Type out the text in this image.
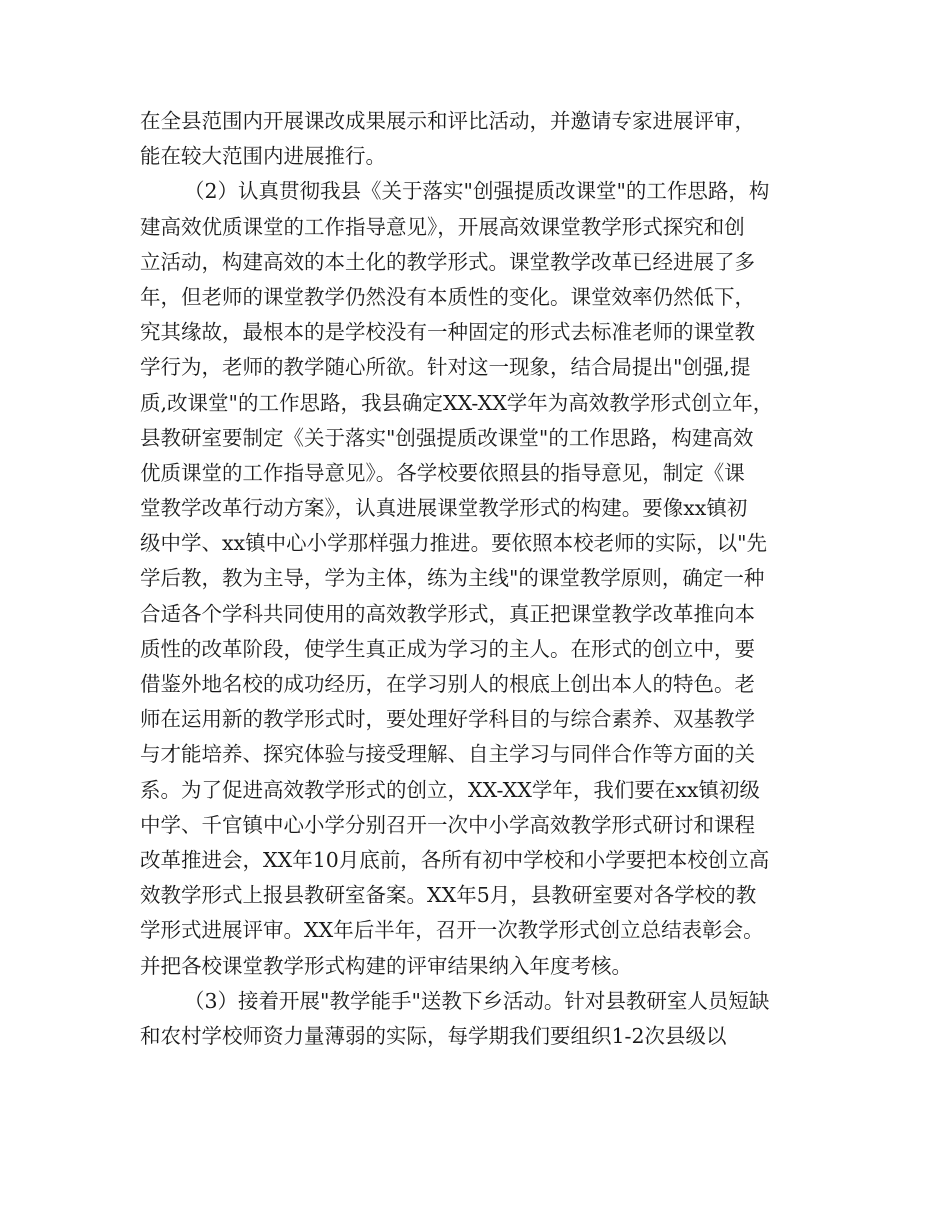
在全县范围内开展课改成果展示和评比活动，并邀请专家进展评审，
能在较大范围内进展推行。
（2）认真贯彻我县《关于落实"创强提质改课堂"的工作思路，构
建高效优质课堂的工作指导意见》，开展高效课堂教学形式探究和创
立活动，构建高效的本土化的教学形式。课堂教学改革已经进展了多
年，但老师的课堂教学仍然没有本质性的变化。课堂效率仍然低下，
究其缘故，最根本的是学校没有一种固定的形式去标准老师的课堂教
学行为，老师的教学随心所欲。针对这一现象，结合局提出"创强,提
质,改课堂"的工作思路，我县确定XX-XX学年为高效教学形式创立年，
县教研室要制定《关于落实"创强提质改课堂"的工作思路，构建高效
优质课堂的工作指导意见》。各学校要依照县的指导意见，制定《课
堂教学改革行动方案》，认真进展课堂教学形式的构建。要像xx镇初
级中学、xx镇中心小学那样强力推进。要依照本校老师的实际，以"先
学后教，教为主导，学为主体，练为主线"的课堂教学原则，确定一种
合适各个学科共同使用的高效教学形式，真正把课堂教学改革推向本
质性的改革阶段，使学生真正成为学习的主人。在形式的创立中，要
借鉴外地名校的成功经历，在学习别人的根底上创出本人的特色。老
师在运用新的教学形式时，要处理好学科目的与综合素养、双基教学
与才能培养、探究体验与接受理解、自主学习与同伴合作等方面的关
系。为了促进高效教学形式的创立，XX-XX学年，我们要在xx镇初级
中学、千官镇中心小学分别召开一次中小学高效教学形式研讨和课程
改革推进会，XX年10月底前，各所有初中学校和小学要把本校创立高
效教学形式上报县教研室备案。XX年5月，县教研室要对各学校的教
学形式进展评审。XX年后半年，召开一次教学形式创立总结表彰会。
并把各校课堂教学形式构建的评审结果纳入年度考核。
（3）接着开展"教学能手"送教下乡活动。针对县教研室人员短缺
和农村学校师资力量薄弱的实际，每学期我们要组织1-2次县级以
